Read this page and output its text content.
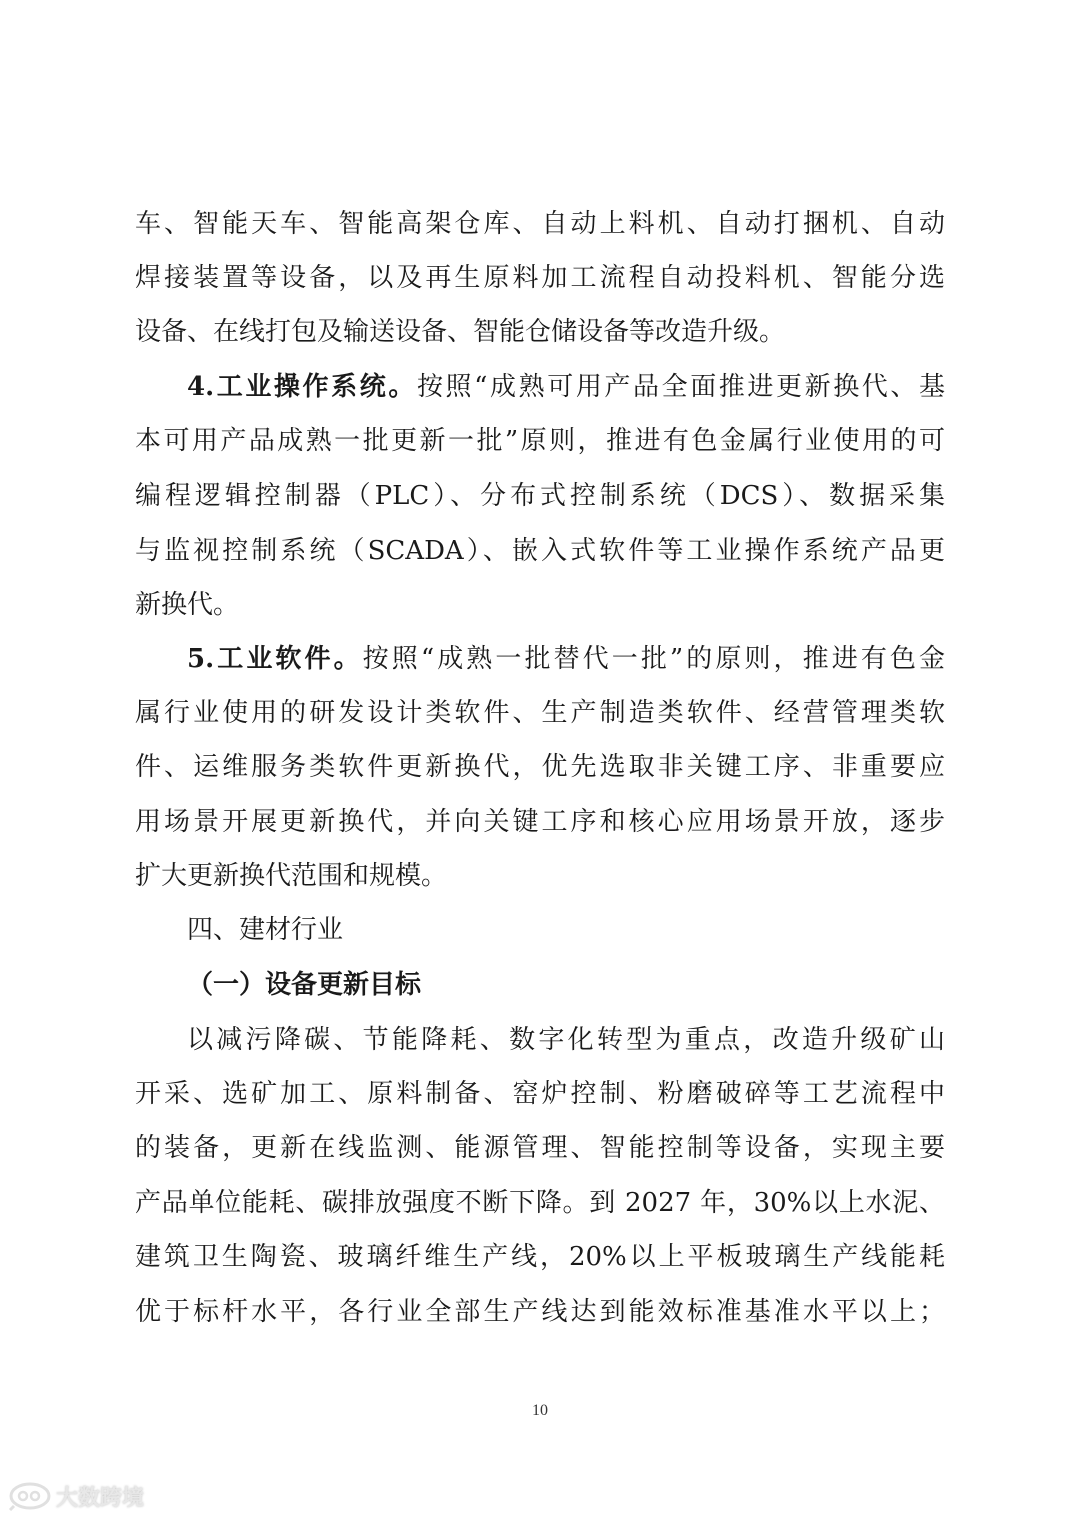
车、智能天车、智能高架仓库、自动上料机、自动打捆机、自动
焊接装置等设备，以及再生原料加工流程自动投料机、智能分选
设备、在线打包及输送设备、智能仓储设备等改造升级。
4.工业操作系统。按照“成熟可用产品全面推进更新换代、基
本可用产品成熟一批更新一批”原则，推进有色金属行业使用的可
编程逻辑控制器（PLC）、分布式控制系统（DCS）、数据采集
与监视控制系统（SCADA）、嵌入式软件等工业操作系统产品更
新换代。
5.工业软件。按照“成熟一批替代一批”的原则，推进有色金
属行业使用的研发设计类软件、生产制造类软件、经营管理类软
件、运维服务类软件更新换代，优先选取非关键工序、非重要应
用场景开展更新换代，并向关键工序和核心应用场景开放，逐步
扩大更新换代范围和规模。
四、建材行业
（一）设备更新目标
以减污降碳、节能降耗、数字化转型为重点，改造升级矿山
开采、选矿加工、原料制备、窑炉控制、粉磨破碎等工艺流程中
的装备，更新在线监测、能源管理、智能控制等设备，实现主要
产品单位能耗、碳排放强度不断下降。到 2027 年，30%以上水泥、
建筑卫生陶瓷、玻璃纤维生产线，20%以上平板玻璃生产线能耗
优于标杆水平，各行业全部生产线达到能效标准基准水平以上；
10
大数跨境
